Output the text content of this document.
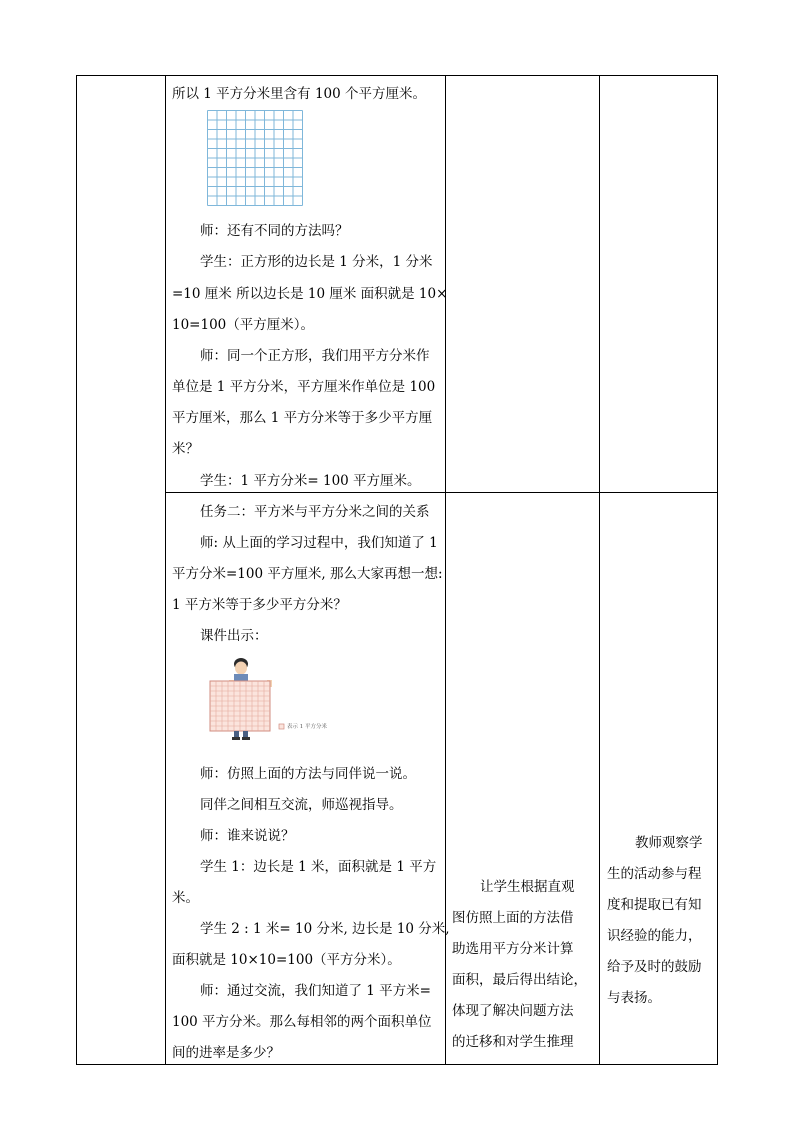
所以 1 平方分米里含有 100 个平方厘米。
师：还有不同的方法吗？
学生：正方形的边长是 1 分米，1 分米
=10 厘米 所以边长是 10 厘米 面积就是 10×
10=100（平方厘米）。
师：同一个正方形，我们用平方分米作
单位是 1 平方分米，平方厘米作单位是 100
平方厘米，那么 1 平方分米等于多少平方厘
米？
学生：1 平方分米= 100 平方厘米。
任务二：平方米与平方分米之间的关系
师: 从上面的学习过程中，我们知道了 1
平方分米=100 平方厘米, 那么大家再想一想:
1 平方米等于多少平方分米？
课件出示：
表示 1 平方分米
师：仿照上面的方法与同伴说一说。
同伴之间相互交流，师巡视指导。
师：谁来说说？
学生 1：边长是 1 米，面积就是 1 平方
米。
学生 2 : 1 米= 10 分米, 边长是 10 分米,
面积就是 10×10=100（平方分米）。
师：通过交流，我们知道了 1 平方米=
100 平方分米。那么每相邻的两个面积单位
间的进率是多少？
让学生根据直观
图仿照上面的方法借
助选用平方分米计算
面积，最后得出结论，
体现了解决问题方法
的迁移和对学生推理
教师观察学
生的活动参与程
度和提取已有知
识经验的能力，
给予及时的鼓励
与表扬。
